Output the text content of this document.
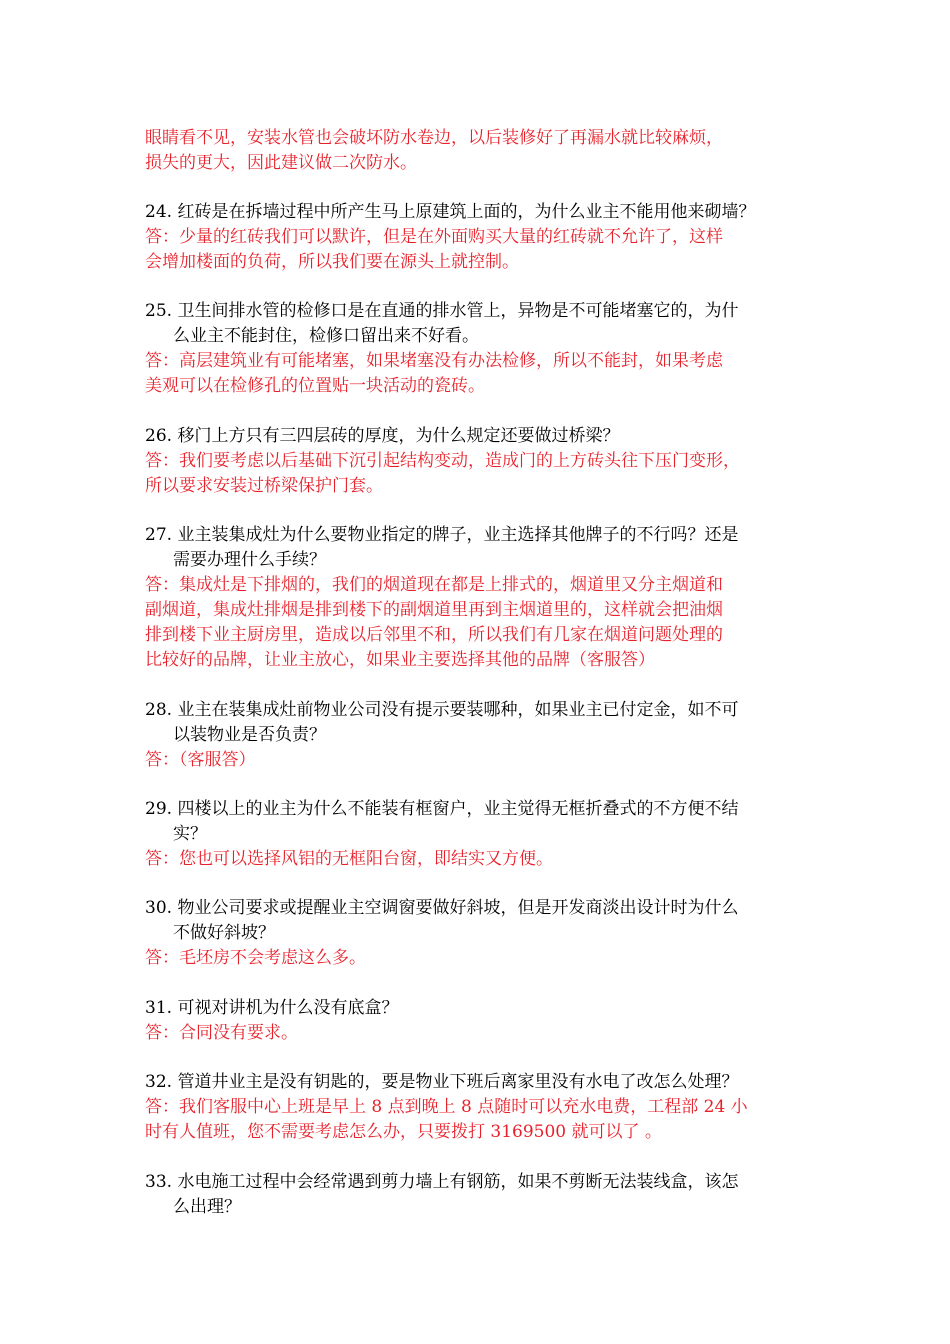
眼睛看不见，安装水管也会破坏防水卷边，以后装修好了再漏水就比较麻烦，
损失的更大，因此建议做二次防水。
24. 红砖是在拆墙过程中所产生马上原建筑上面的，为什么业主不能用他来砌墙？
答：少量的红砖我们可以默许，但是在外面购买大量的红砖就不允许了，这样
会增加楼面的负荷，所以我们要在源头上就控制。
25. 卫生间排水管的检修口是在直通的排水管上，异物是不可能堵塞它的，为什
么业主不能封住，检修口留出来不好看。
答：高层建筑业有可能堵塞，如果堵塞没有办法检修，所以不能封，如果考虑
美观可以在检修孔的位置贴一块活动的瓷砖。
26. 移门上方只有三四层砖的厚度，为什么规定还要做过桥梁？
答：我们要考虑以后基础下沉引起结构变动，造成门的上方砖头往下压门变形，
所以要求安装过桥梁保护门套。
27. 业主装集成灶为什么要物业指定的牌子，业主选择其他牌子的不行吗？还是
需要办理什么手续？
答：集成灶是下排烟的，我们的烟道现在都是上排式的，烟道里又分主烟道和
副烟道，集成灶排烟是排到楼下的副烟道里再到主烟道里的，这样就会把油烟
排到楼下业主厨房里，造成以后邻里不和，所以我们有几家在烟道问题处理的
比较好的品牌，让业主放心，如果业主要选择其他的品牌（客服答）
28. 业主在装集成灶前物业公司没有提示要装哪种，如果业主已付定金，如不可
以装物业是否负责？
答：（客服答）
29. 四楼以上的业主为什么不能装有框窗户，业主觉得无框折叠式的不方便不结
实？
答：您也可以选择风铝的无框阳台窗，即结实又方便。
30. 物业公司要求或提醒业主空调窗要做好斜坡，但是开发商淡出设计时为什么
不做好斜坡？
答：毛坯房不会考虑这么多。
31. 可视对讲机为什么没有底盒？
答：合同没有要求。
32. 管道井业主是没有钥匙的，要是物业下班后离家里没有水电了改怎么处理？
答：我们客服中心上班是早上 8 点到晚上 8 点随时可以充水电费，工程部 24 小
时有人值班，您不需要考虑怎么办，只要拨打 3169500 就可以了 。
33. 水电施工过程中会经常遇到剪力墙上有钢筋，如果不剪断无法装线盒，该怎
么出理？
